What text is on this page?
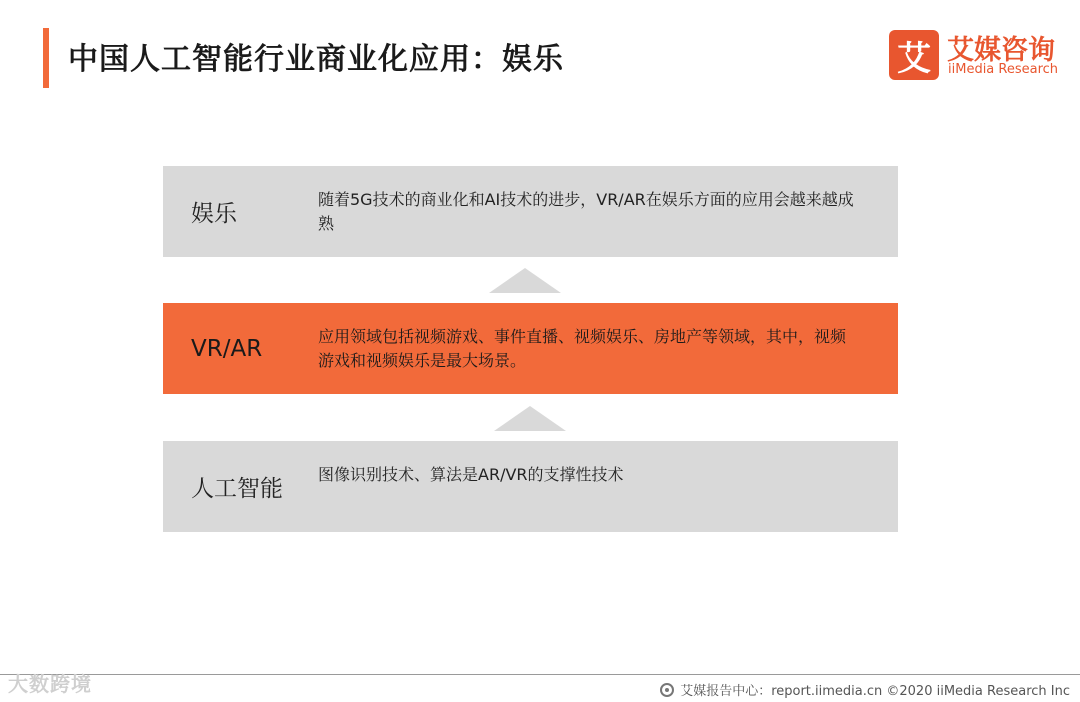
中国人工智能行业商业化应用：娱乐	艾 艾媒咨询
iiMedia Research
娱乐
随着5G技术的商业化和AI技术的进步，VR/AR在娱乐方面的应用会越来越成熟
VR/AR	应用领域包括视频游戏、事件直播、视频娱乐、房地产等领域，其中，视频游戏和视频娱乐是最大场景。
人工智能
图像识别技术、算法是AR/VR的支撑性技术
大数跨境	艾媒报告中心：report.iimedia.cn ©2020 iiMedia Research Inc
